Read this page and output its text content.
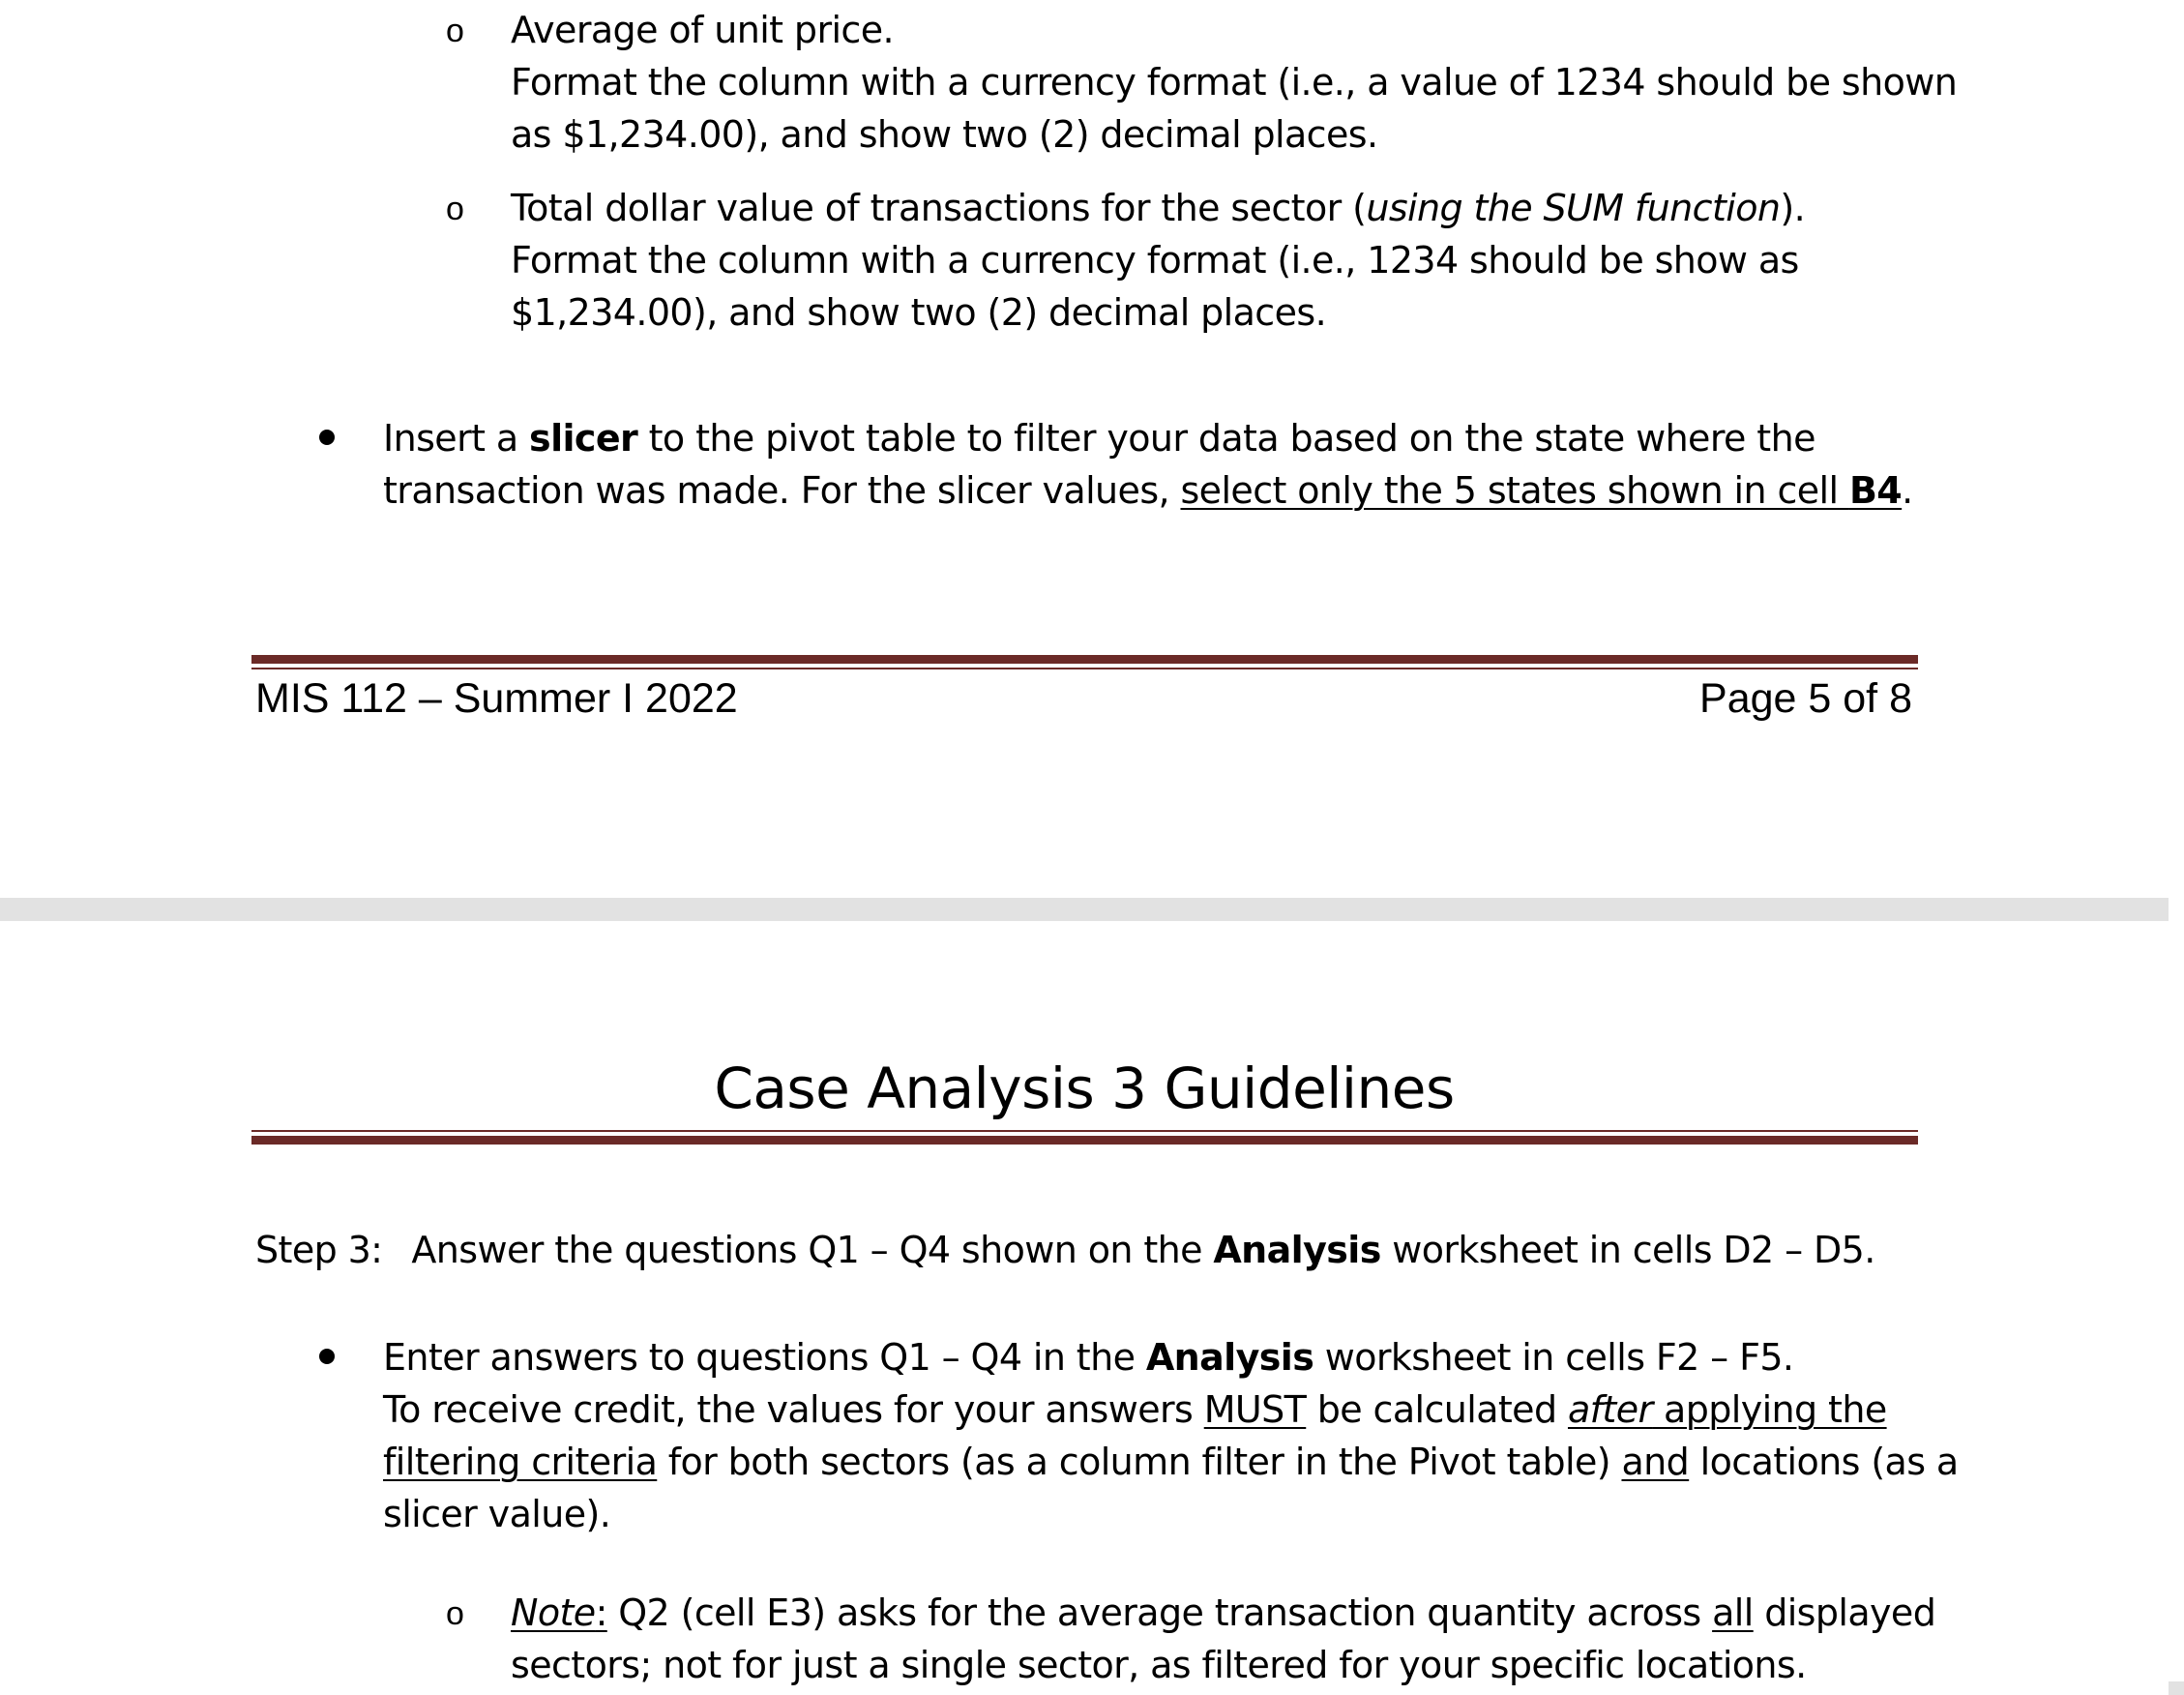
o Average of unit price.
Format the column with a currency format (i.e., a value of 1234 should be shown
as $1,234.00), and show two (2) decimal places.
o Total dollar value of transactions for the sector (using the SUM function).
Format the column with a currency format (i.e., 1234 should be show as
$1,234.00), and show two (2) decimal places.
Insert a slicer to the pivot table to filter your data based on the state where the
transaction was made. For the slicer values, select only the 5 states shown in cell B4.
MIS 112 – Summer I 2022	Page 5 of 8
Case Analysis 3 Guidelines
Step 3: Answer the questions Q1 – Q4 shown on the Analysis worksheet in cells D2 – D5.
Enter answers to questions Q1 – Q4 in the Analysis worksheet in cells F2 – F5.
To receive credit, the values for your answers MUST be calculated after applying the
filtering criteria for both sectors (as a column filter in the Pivot table) and locations (as a
slicer value).
o Note: Q2 (cell E3) asks for the average transaction quantity across all displayed
sectors; not for just a single sector, as filtered for your specific locations.
